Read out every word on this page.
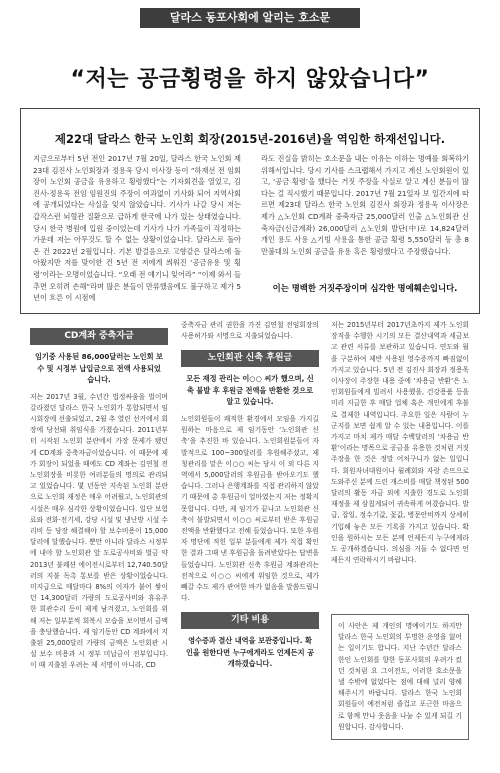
달라스 동포사회에 알리는 호소문
“저는 공금횡령을 하지 않았습니다”
제22대 달라스 한국 노인회 회장(2015년-2016년)을 역임한 하재선입니다.

지금으로부터 5년 전인 2017년 7월 20일, 달라스 한국 노인회 제23대 김진사 노인회장과 정용욱 당시 이사장 등이 “하재선 전 임회장이 노인회 공금을 유용하고 횡령했다”는 기자회견을 열었고, 김진사-정용욱 전임 임원진의 주장이 여과없이 기사화 되어 지역사회에 공개되었다는 사실을 잊지 않았습니다. 기사가 나갈 당시 저는 갑작스런 뇌혈관 질환으로 급하게 한국에 나가 있는 상태였습니다. 당시 한국 병원에 입원 중이었는데 기사가 나가 가족들이 걱정하는 가운데 저는 아무것도 할 수 없는 상황이었습니다. 달라스로 돌아온 건 2022년 2월입니다. 기본 발걸음으로 고향같은 달라스에 돌아왔지만 저를 맞이한 건 5년 전 저에게 씌워진 ‘공금유용 및 횡령’이라는 오명이었습니다. “오래 전 얘기니 잊어라” “이제 와서 들추면 오히려 손해”라며 많은 분들이 만류했음에도 불구하고 제가 5년이 흐른 이 시점에

라도 진실을 밝히는 호소문을 내는 이유는 이하는 명예를 회복하기 위해서입니다. 당시 기사를 스크랩해서 가지고 계신 노인회원이 있고, ‘공금 횡령’을 했다는 거짓 주장을 사실로 알고 계신 분들이 많다는 걸 직시했기 때문입니다. 2017년 7월 21일자 보 일간지에 따르면 제23대 달라스 한국 노인회 김진사 회장과 정용욱 이사장은 제가 △노인회 CD계좌 중축자금 25,000달러 인출 △노인회관 신축자금(신금계좌) 26,000달러 △노인회 발단(中)로 14,824달러 개인 용도 사용 △기빙 사용을 통한 공금 횡령 5,550달러 등 총 8만불대의 노인회 공금을 유용 혹은 횡령했다고 주장했습니다.

이는 명백한 거짓주장이며 심각한 명예훼손입니다.
CD계좌 중축자금
임기중 사용된 86,000달러는 노인회 보수 및 시정부 납입금으로 전액 사용되었습니다.

저는 2017년 3월, 수년간 법정싸움을 벌이며 갈라졌던 달라스 한국 노인회가 통합되면서 임시회장에 선출되었고, 2월 추 열린 선거에서 회장에 당선돼 취임식을 가졌습니다. 2011년부터 시작된 노인회 분란에서 가장 문제가 됐던 게 CD계좌 중축자금이었습니다. 이 때문에 제가 회장이 되었을 때에도 CD 계좌는 김연철 전 노인회장을 비롯한 여러분들의 명의로 관리되고 있었습니다. 몇 년동안 지속된 노인회 분란으로 노인회 재정은 매우 어려웠고, 노인회관의 시설은 매우 심각한 상황이었습니다. 일단 보험료와 전화·전기세, 강당 시설 및 냉난방 시설 수리비 등 당장 해결해야 할 보수비용이 15,000달러에 달했습니다. 뿐만 아니라 달라스 시정부에 내야 할 노인회관 앞 도로공사비와 벌금 약 2013년 불쾌션 에이전시로부터 12,740.50달러의 지불 독촉 통보를 받은 상황이었습니다. 미지급으로 매달마다 8%의 이자가 붙어 쌓이던 14,300달러 가량의 도로공사비와 휴유주 한 회관수리 등이 제게 남겨졌고, 노인회를 위해 저는 일부분씩 회복시 모습을 보이면서 금액을 충당했습니다. 제 임기동안 CD 계좌에서 지출된 25,000달러 가량의 금액은 노인회관 시설 보수 비용과 시 정부 미납금이 전부입니다. 이 때 지출된 우려는 제 서명이 아니라, CD

중축자금 관리 권한을 가진 김연철 전임회장의 사용허가와 서명으로 지출되었습니다.

노인회관 신축 후원금
모든 재정 관리는 이○○ 씨가 했으며, 신축 불발 후 후원금 전액을 반환한 것으로 알고 있습니다.

노인회원들이 쾌적한 환경에서 모임을 가지길 원하는 마음으로 제 임기동안 ‘노인회관 신축’을 추진한 바 있습니다. 노인회원분들이 자발적으로 100~300달러를 후원해주셨고, 제 청관리를 맡은 이○○ 씨는 당시 이 외 다른 지역에서 5,000달러의 후원금을 받아오기도 했습니다. 그러나 은행계좌를 직접 관리하지 않았기 때문에 총 후원금이 얼마였는지 저는 정확지 못합니다. 다만, 제 임기가 끝나고 노인회관 신축이 불발되면서 이○○ 씨로부터 받은 후원금 전액을 반환했다고 전해 들었습니다. 또한 후원자 명단에 적힌 일부 분들에게 제가 직접 확인한 결과 그때 낸 후원금을 돌려받았다는 답변을 들었습니다. 노인회관 신축 후원금 계좌관리는 전적으로 이○○ 씨에게 위임한 것으로, 제가 빼갈 수도 제가 관여한 바가 없음을 말씀드립니다.

기타 비용
영수증과 결산 내역을 보관중입니다. 확인을 원한다면 누구에게라도 언제든지 공개하겠습니다.

저는 2015년부터 2017년초까지 제가 노인회장직을 수행한 시기의 모든 결산내역과 세금보고 관련 서류를 보관하고 있습니다. 연도와 월을 구분하여 제반 사용된 영수증까지 빠짐없이 가지고 있습니다. 5년 전 김진사 회장과 정용욱 이사장이 주장한 내용 중에 ‘차용금 반환’은 노인회원들에게 빌려서 사용했을, 건강용품 등을 미리 지급한 후 매달 업체 혹은 개인에게 후불로 결제한 내역입니다. 주요한 일은 사람이 누군지를 보면 쉽게 알 수 있는 내용입니다. 이를 가지고 마치 제가 매달 수백달러의 ‘차용금 반환’이라는 명목으로 공금을 유용한 것처럼 거짓 주장을 한 것은 정말 어처구니가 없는 일입니다. 회원자녀대원이나 월례회와 자랑 손뜨으로 도와주신 분께 드린 개스비를 매달 책정된 500달러의 활동 자금 외에 지출한 경도로 노인회 재정을 제 삼칩게되어 귀속하게 여겼습니다. 발급, 잡일, 정수기값, 꽃값, 병문안비까지 상세히 기입해 놓은 모든 기록을 가지고 있습니다. 확인을 원하시는 모든 분께 언제든지 누구에게라도 공개하겠습니다. 의심을 거둘 수 없다면 언제든지 연락하시기 바랍니다.

이 사안은 제 개인의 명예이기도 하지만 달라스 한국 노인회의 투명한 운영을 잃어는 일이기도 합니다. 지난 수년간 달라스 한인 노인회를 향한 동포사회의 우려가 컸던 것처럼 요 그이전도, 이러한 호소문을 낼 수밖에 없었다는 점에 대해 널리 양해해주시기 바랍니다. 달라스 한국 노인회 회원들이 예전처럼 즐겁고 포근한 마음으로 함께 만나 웃음을 나눌 수 있게 되길 기원합니다. 감사합니다.
